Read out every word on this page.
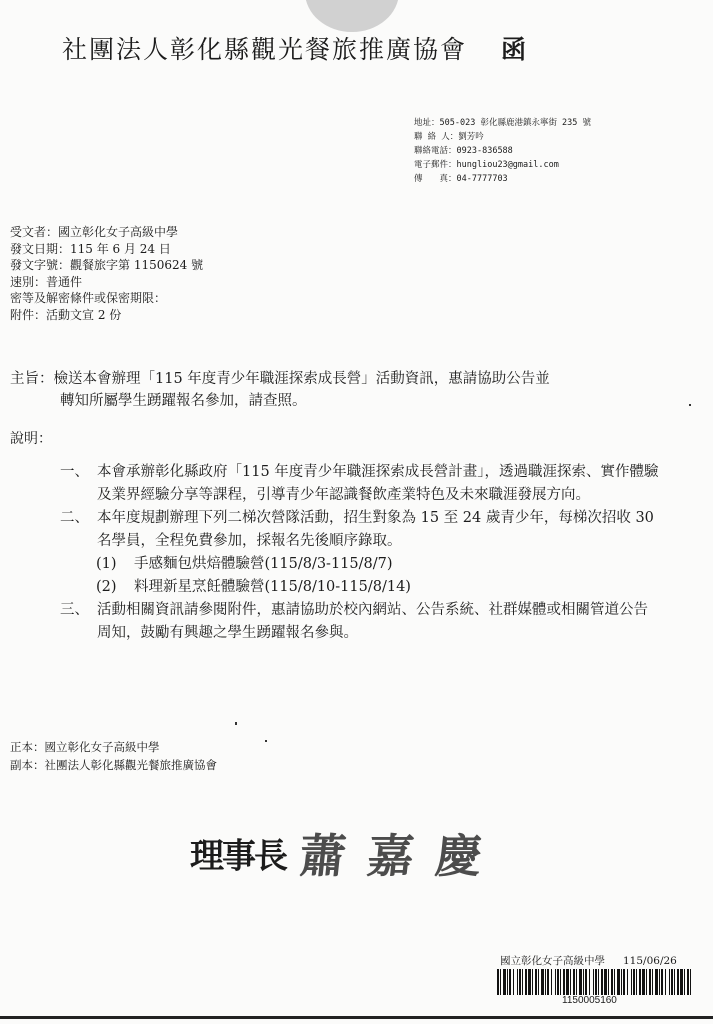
社團法人彰化縣觀光餐旅推廣協會 函
地址：505-023 彰化縣鹿港鎮永寧街 235 號
聯 絡 人：劉芳吟
聯絡電話：0923-836588
電子郵件：hungliou23@gmail.com
傳　　真：04-7777703
受文者：國立彰化女子高級中學
發文日期：115 年 6 月 24 日
發文字號：觀餐旅字第 1150624 號
速別：普通件
密等及解密條件或保密期限：
附件：活動文宣 2 份
主旨：檢送本會辦理「115 年度青少年職涯探索成長營」活動資訊，惠請協助公告並
轉知所屬學生踴躍報名參加，請查照。
說明：
一、 本會承辦彰化縣政府「115 年度青少年職涯探索成長營計畫」，透過職涯探索、實作體驗及業界經驗分享等課程，引導青少年認識餐飲產業特色及未來職涯發展方向。
二、 本年度規劃辦理下列二梯次營隊活動，招生對象為 15 至 24 歲青少年，每梯次招收 30 名學員，全程免費參加，採報名先後順序錄取。
(1) 手感麵包烘焙體驗營(115/8/3-115/8/7)
(2) 料理新星烹飪體驗營(115/8/10-115/8/14)
三、 活動相關資訊請參閱附件，惠請協助於校內網站、公告系統、社群媒體或相關管道公告周知，鼓勵有興趣之學生踴躍報名參與。
正本：國立彰化女子高級中學
副本：社團法人彰化縣觀光餐旅推廣協會
理事長 蕭嘉慶
國立彰化女子高級中學 115/06/26
1150005160
